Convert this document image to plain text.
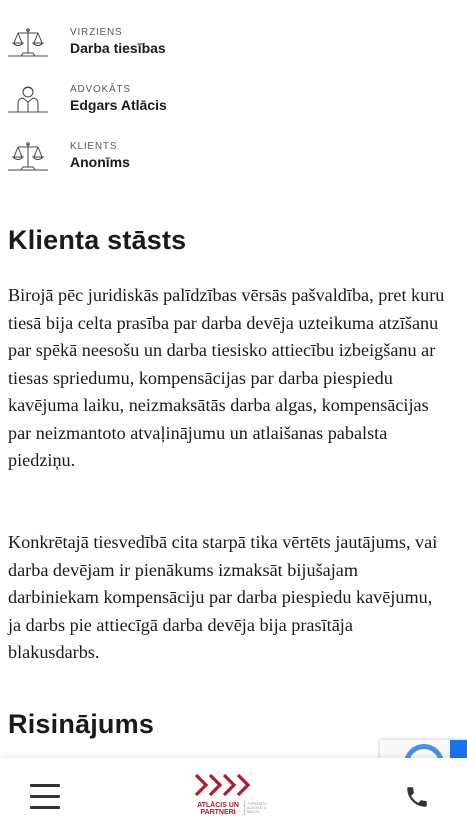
VIRZIENS
Darba tiesības
ADVOKĀTS
Edgars Atlācis
KLIENTS
Anonīms
Klienta stāsts
Birojā pēc juridiskās palīdzības vērsās pašvaldība, pret kuru tiesā bija celta prasība par darba devēja uzteikuma atzīšanu par spēkā neesošu un darba tiesisko attiecību izbeigšanu ar tiesas spriedumu, kompensācijas par darba piespiedu kavējuma laiku, neizmaksātās darba algas, kompensācijas par neizmantoto atvaļinājumu un atlaišanas pabalsta piedziņu.
Konkrētajā tiesvedībā cita starpā tika vērtēts jautājums, vai darba devējam ir pienākums izmaksāt bijušajam darbiniekam kompensāciju par darba piespiedu kavējumu, ja darbs pie attiecīgā darba devēja bija prasītāja blakusdarbs.
Risinājums
ATLĀCIS UN PARTNERI
ZVĒRINĀTU ADVOKĀTU BIROJS
